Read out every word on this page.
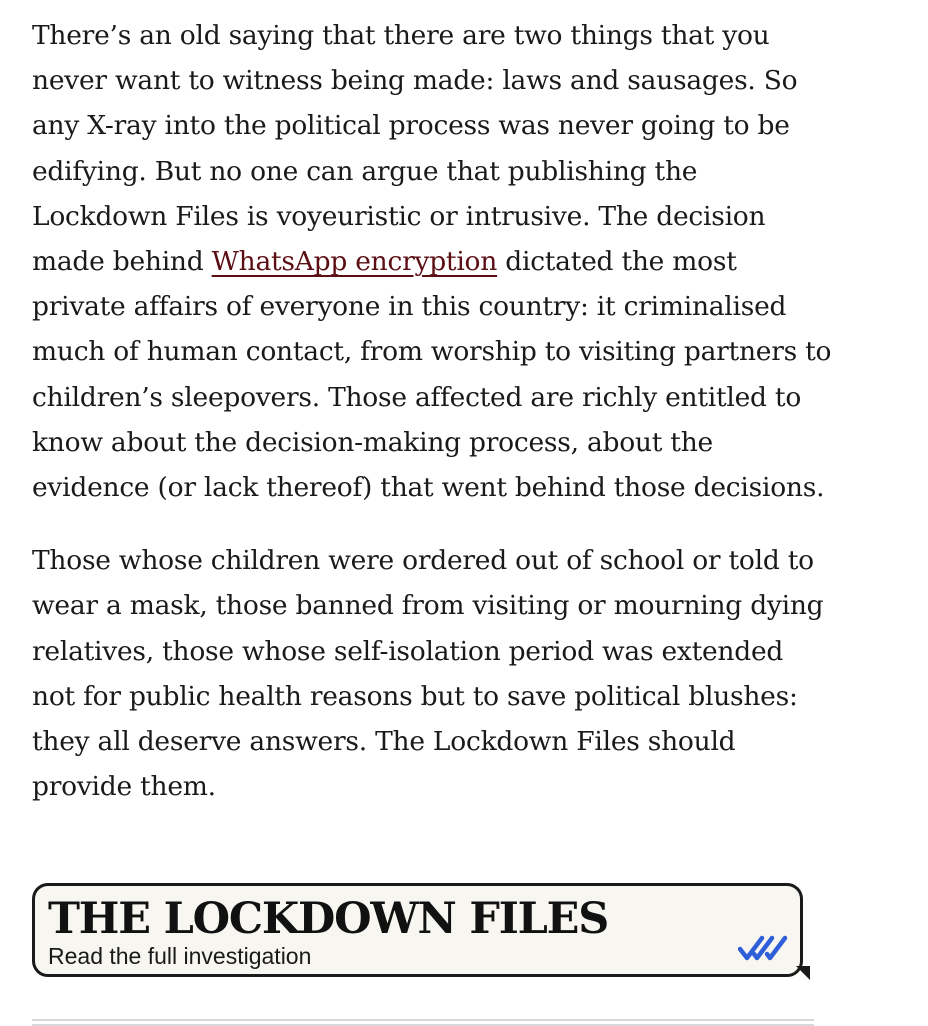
There’s an old saying that there are two things that you never want to witness being made: laws and sausages. So any X-ray into the political process was never going to be edifying. But no one can argue that publishing the Lockdown Files is voyeuristic or intrusive. The decision made behind WhatsApp encryption dictated the most private affairs of everyone in this country: it criminalised much of human contact, from worship to visiting partners to children’s sleepovers. Those affected are richly entitled to know about the decision-making process, about the evidence (or lack thereof) that went behind those decisions.

Those whose children were ordered out of school or told to wear a mask, those banned from visiting or mourning dying relatives, those whose self-isolation period was extended not for public health reasons but to save political blushes: they all deserve answers. The Lockdown Files should provide them.

THE LOCKDOWN FILES
Read the full investigation
